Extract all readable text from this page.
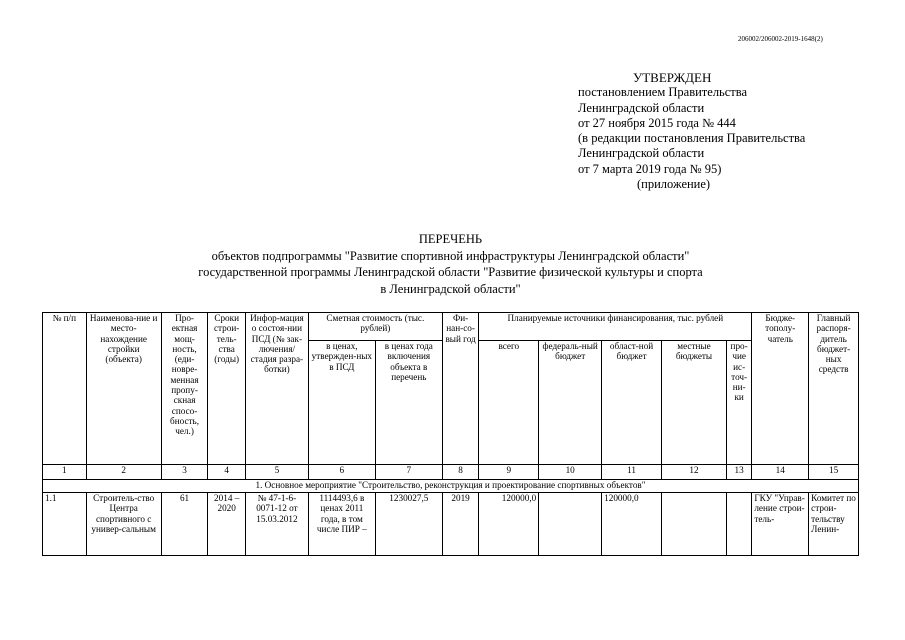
206002/206002-2019-1648(2)
УТВЕРЖДЕН
постановлением Правительства
Ленинградской области
от 27 ноября 2015 года № 444
(в редакции постановления Правительства
Ленинградской области
от 7 марта 2019 года № 95)
(приложение)
ПЕРЕЧЕНЬ
объектов подпрограммы "Развитие спортивной инфраструктуры Ленинградской области"
государственной программы Ленинградской области "Развитие физической культуры и спорта
в Ленинградской области"
№ п/п	Наименова-ние и место-нахождение стройки (объекта)	Про-ектная мощ-ность, (еди-новре-менная пропу-скная спосо-бность, чел.)	Сроки строи-тель-ства (годы)	Инфор-мация о состоя-нии ПСД (№ зак-лючения/ стадия разра-ботки)	Сметная стоимость (тыс. рублей)		Фи-нан-со-вый год	Планируемые источники финансирования, тыс. рублей					Бюдже-тополу-чатель	Главный распоря-дитель бюджет-ных средств
					в ценах, утвержден-ных в ПСД	в ценах года включения объекта в перечень		всего	федераль-ный бюджет	област-ной бюджет	местные бюджеты	про-чие ис-точ-ни-ки		
1	2	3	4	5	6	7	8	9	10	11	12	13	14	15
1. Основное мероприятие "Строительство, реконструкция и проектирование спортивных объектов"														
1.1	Строитель-ство Центра спортивного с универ-сальным	61	2014 – 2020	№ 47-1-6-0071-12 от 15.03.2012	1114493,6 в ценах 2011 года, в том числе ПИР –	1230027,5	2019	120000,0		120000,0			ГКУ "Управ-ление строи-тель-	Комитет по строи-тельству Ленин-
